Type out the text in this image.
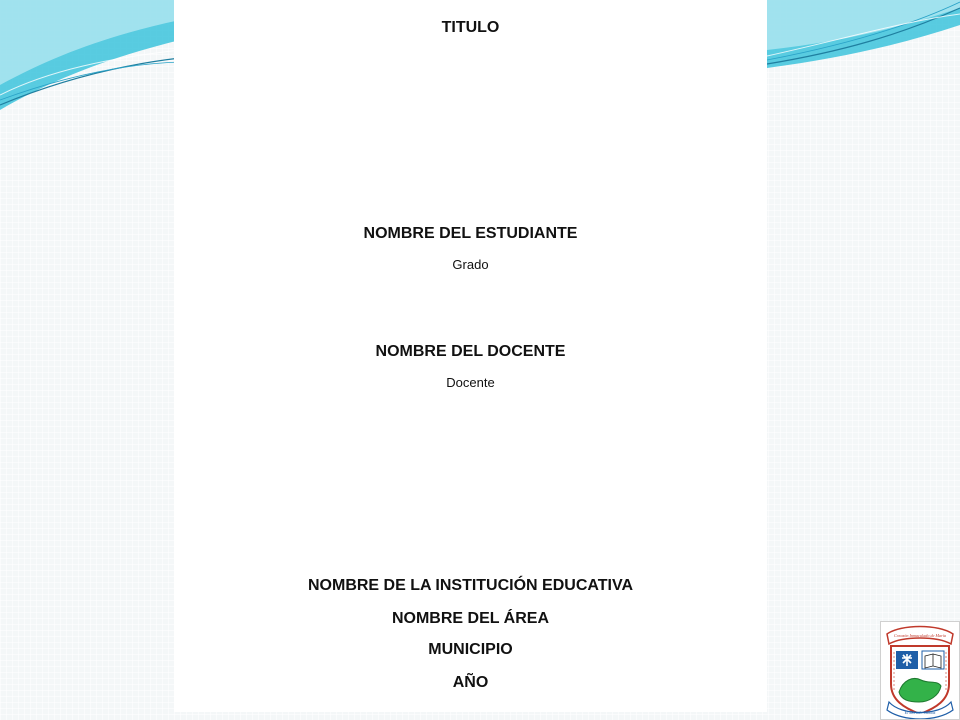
TITULO
NOMBRE DEL ESTUDIANTE
Grado
NOMBRE DEL DOCENTE
Docente
NOMBRE DE LA INSTITUCIÓN EDUCATIVA
NOMBRE DEL ÁREA
MUNICIPIO
AÑO
Corazón Inmaculado de María
El Dorado Caldas
